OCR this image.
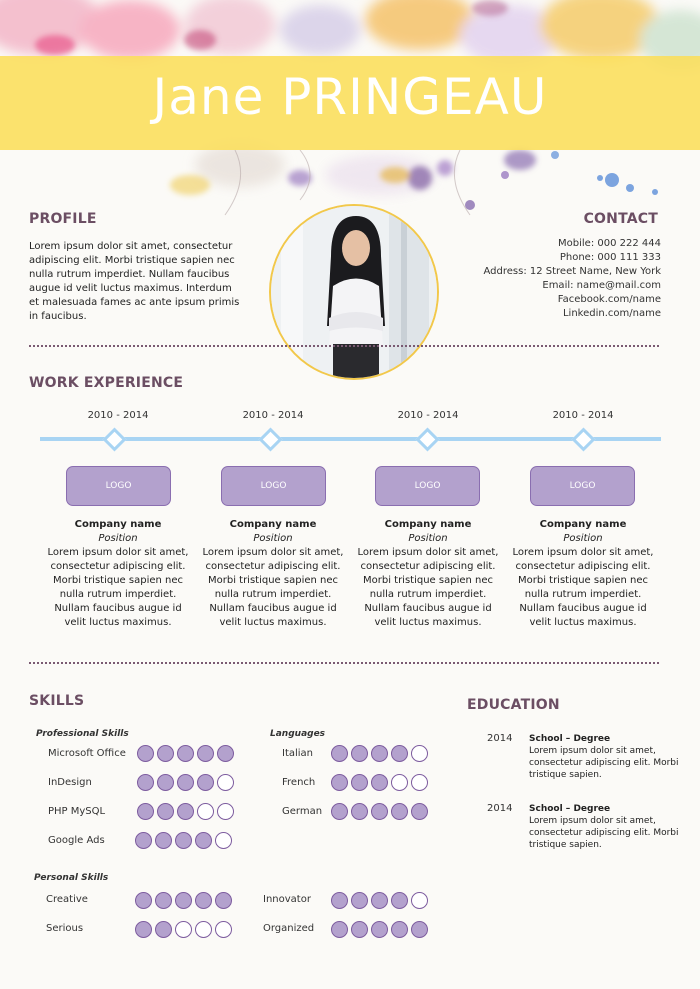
Jane PRINGEAU
PROFILE
Lorem ipsum dolor sit amet, consectetur adipiscing elit. Morbi tristique sapien nec nulla rutrum imperdiet. Nullam faucibus augue id velit luctus maximus. Interdum et malesuada fames ac ante ipsum primis in faucibus.
CONTACT
Mobile: 000 222 444
Phone: 000 111 333
Address: 12 Street Name, New York
Email: name@mail.com
Facebook.com/name
Linkedin.com/name
WORK EXPERIENCE
2010 - 2014	2010 - 2014	2010 - 2014	2010 - 2014
LOGO	LOGO	LOGO	LOGO
Company name
Position
Lorem ipsum dolor sit amet, consectetur adipiscing elit. Morbi tristique sapien nec nulla rutrum imperdiet. Nullam faucibus augue id velit luctus maximus.
Company name
Position
Lorem ipsum dolor sit amet, consectetur adipiscing elit. Morbi tristique sapien nec nulla rutrum imperdiet. Nullam faucibus augue id velit luctus maximus.
Company name
Position
Lorem ipsum dolor sit amet, consectetur adipiscing elit. Morbi tristique sapien nec nulla rutrum imperdiet. Nullam faucibus augue id velit luctus maximus.
Company name
Position
Lorem ipsum dolor sit amet, consectetur adipiscing elit. Morbi tristique sapien nec nulla rutrum imperdiet. Nullam faucibus augue id velit luctus maximus.
SKILLS
Professional Skills	Languages
Microsoft Office
InDesign
PHP MySQL
Google Ads
Italian
French
German
Personal Skills
Creative
Serious
Innovator
Organized
EDUCATION
2014 School – Degree
Lorem ipsum dolor sit amet, consectetur adipiscing elit. Morbi tristique sapien.
2014 School – Degree
Lorem ipsum dolor sit amet, consectetur adipiscing elit. Morbi tristique sapien.
